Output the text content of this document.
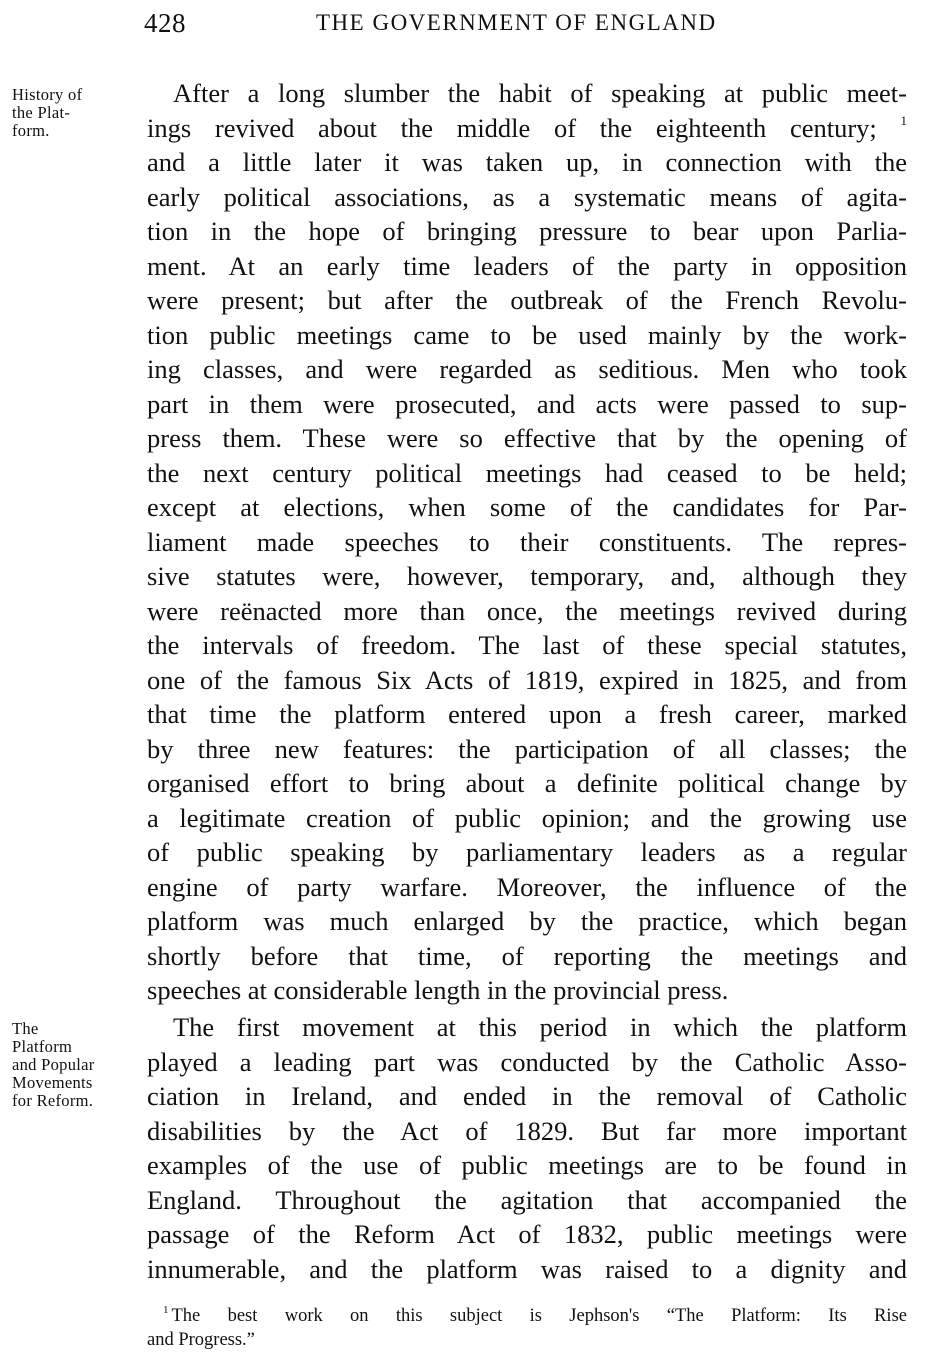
428	THE GOVERNMENT OF ENGLAND
History of
the Plat-
form.
The
Platform
and Popular
Movements
for Reform.
After a long slumber the habit of speaking at public meet-
ings revived about the middle of the eighteenth century; $^1$
and a little later it was taken up, in connection with the
early political associations, as a systematic means of agita-
tion in the hope of bringing pressure to bear upon Parlia-
ment. At an early time leaders of the party in opposition
were present; but after the outbreak of the French Revolu-
tion public meetings came to be used mainly by the work-
ing classes, and were regarded as seditious. Men who took
part in them were prosecuted, and acts were passed to sup-
press them. These were so effective that by the opening of
the next century political meetings had ceased to be held;
except at elections, when some of the candidates for Par-
liament made speeches to their constituents. The repres-
sive statutes were, however, temporary, and, although they
were reënacted more than once, the meetings revived during
the intervals of freedom. The last of these special statutes,
one of the famous Six Acts of 1819, expired in 1825, and from
that time the platform entered upon a fresh career, marked
by three new features: the participation of all classes; the
organised effort to bring about a definite political change by
a legitimate creation of public opinion; and the growing use
of public speaking by parliamentary leaders as a regular
engine of party warfare. Moreover, the influence of the
platform was much enlarged by the practice, which began
shortly before that time, of reporting the meetings and
speeches at considerable length in the provincial press.
The first movement at this period in which the platform
played a leading part was conducted by the Catholic Asso-
ciation in Ireland, and ended in the removal of Catholic
disabilities by the Act of 1829. But far more important
examples of the use of public meetings are to be found in
England. Throughout the agitation that accompanied the
passage of the Reform Act of 1832, public meetings were
innumerable, and the platform was raised to a dignity and
$^1$ The best work on this subject is Jephson's “The Platform: Its Rise
and Progress.”
